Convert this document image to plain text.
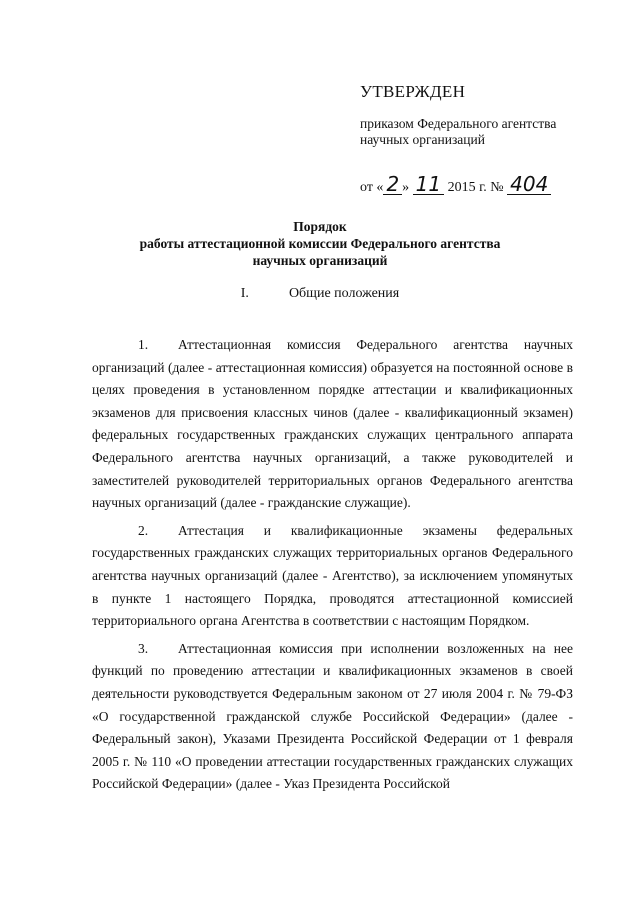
УТВЕРЖДЕН
приказом Федерального агентства
научных организаций
от « 2 » 11 2015 г. № 404
Порядок
работы аттестационной комиссии Федерального агентства
научных организаций
I.	Общие положения

1. Аттестационная комиссия Федерального агентства научных организаций (далее - аттестационная комиссия) образуется на постоянной основе в целях проведения в установленном порядке аттестации и квалификационных экзаменов для присвоения классных чинов (далее - квалификационный экзамен) федеральных государственных гражданских служащих центрального аппарата Федерального агентства научных организаций, а также руководителей и заместителей руководителей территориальных органов Федерального агентства научных организаций (далее - гражданские служащие).

2. Аттестация и квалификационные экзамены федеральных государственных гражданских служащих территориальных органов Федерального агентства научных организаций (далее - Агентство), за исключением упомянутых в пункте 1 настоящего Порядка, проводятся аттестационной комиссией территориального органа Агентства в соответствии с настоящим Порядком.

3. Аттестационная комиссия при исполнении возложенных на нее функций по проведению аттестации и квалификационных экзаменов в своей деятельности руководствуется Федеральным законом от 27 июля 2004 г. № 79-ФЗ «О государственной гражданской службе Российской Федерации» (далее - Федеральный закон), Указами Президента Российской Федерации от 1 февраля 2005 г. № 110 «О проведении аттестации государственных гражданских служащих Российской Федерации» (далее - Указ Президента Российской
